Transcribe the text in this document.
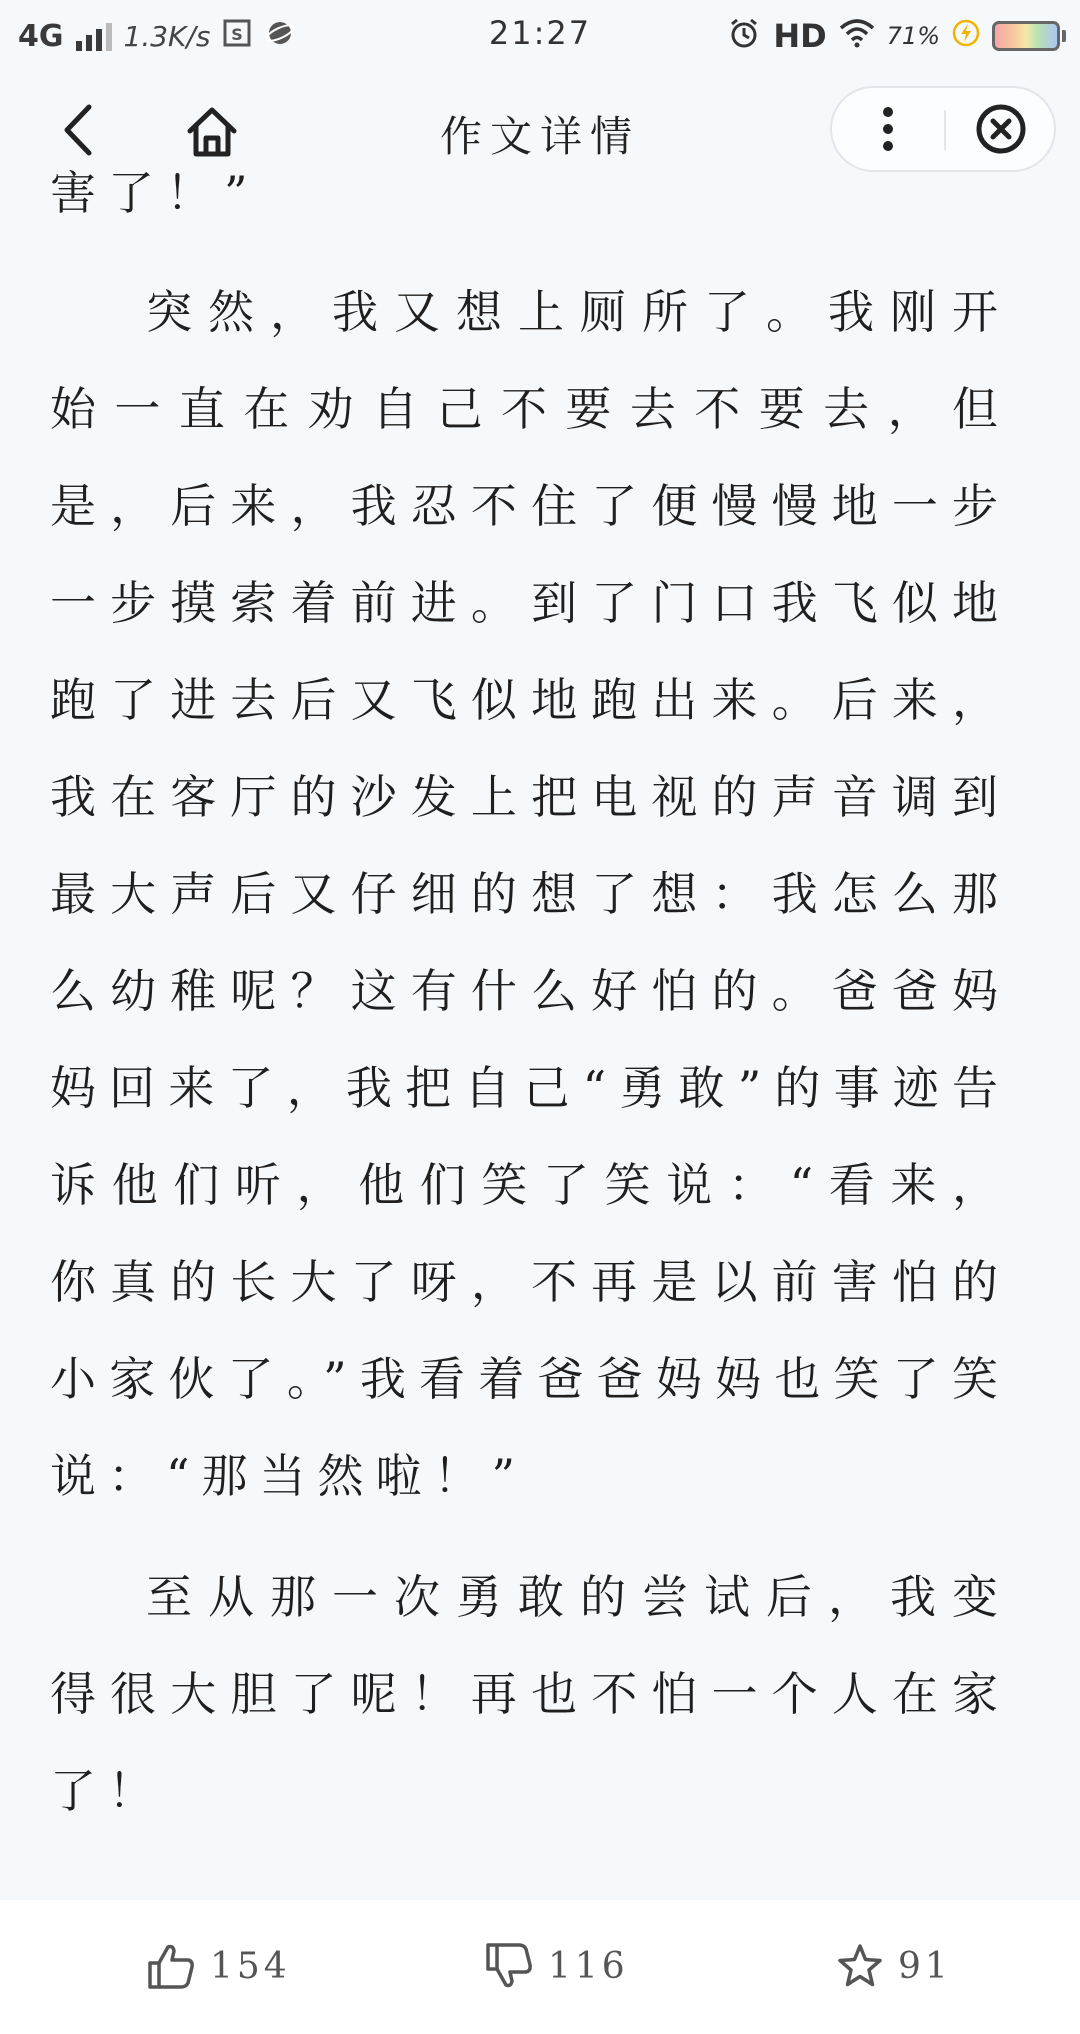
4G 1.3K/s S	21:27	HD	71%
作文详情

害了！”

突然，我又想上厕所了。我刚开始一直在劝自己不要去不要去，但是，后来，我忍不住了便慢慢地一步一步摸索着前进。到了门口我飞似地跑了进去后又飞似地跑出来。后来，我在客厅的沙发上把电视的声音调到最大声后又仔细的想了想：我怎么那么幼稚呢？这有什么好怕的。爸爸妈妈回来了，我把自己“勇敢”的事迹告诉他们听，他们笑了笑说：“看来，你真的长大了呀，不再是以前害怕的小家伙了。”我看着爸爸妈妈也笑了笑说：“那当然啦！”

至从那一次勇敢的尝试后，我变得很大胆了呢！再也不怕一个人在家了！

154	116	91
